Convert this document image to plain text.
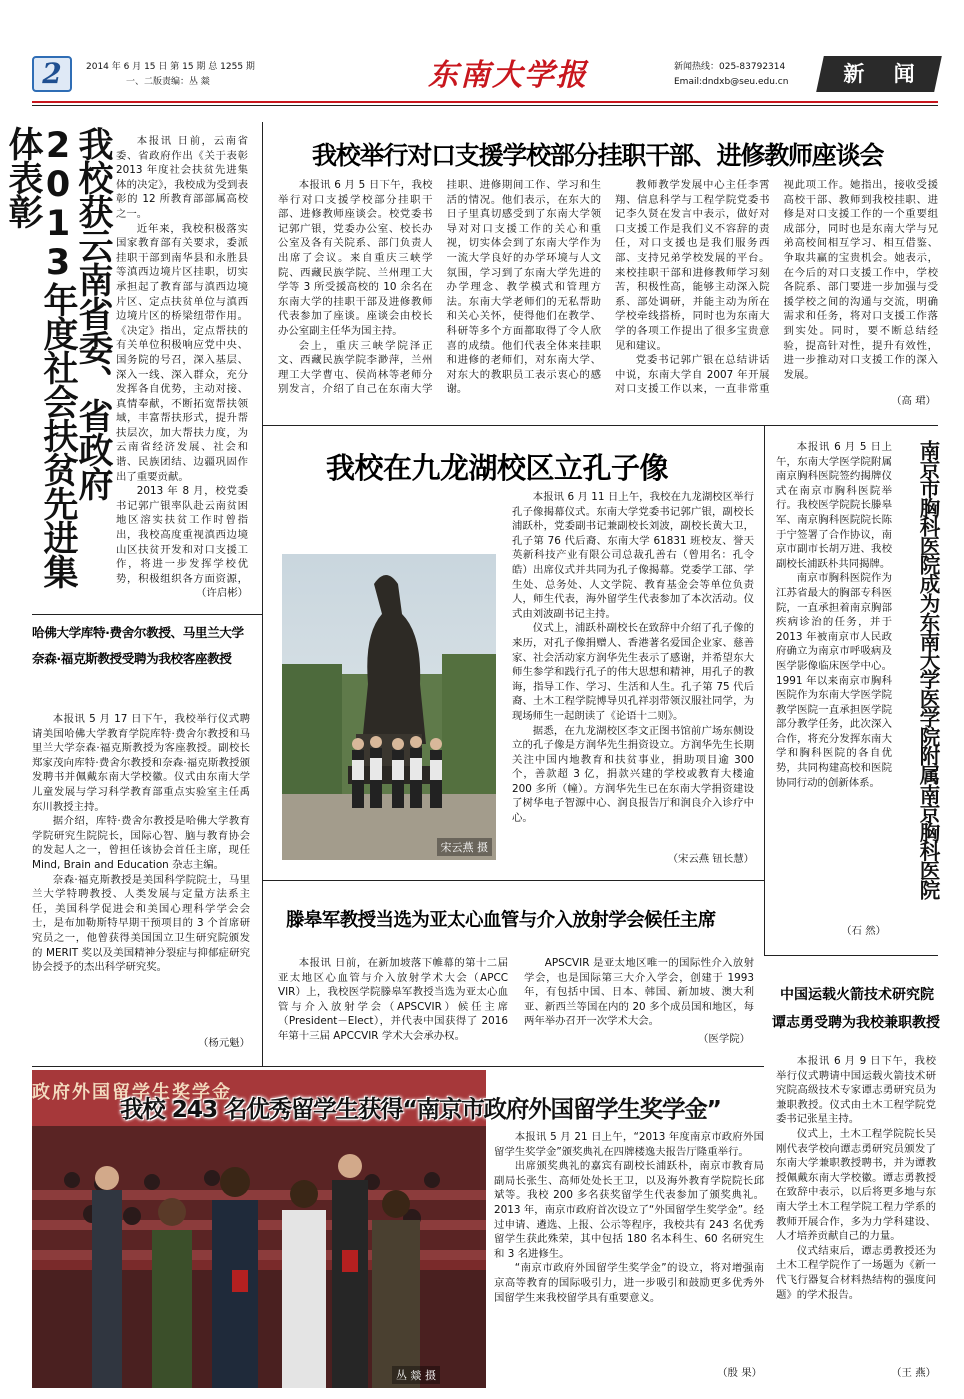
2	2014 年 6 月 15 日 第 15 期 总 1255 期
一、二版责编：丛 燚	东南大学报	新闻热线：025-83792314
Email:dndxb@seu.edu.cn	新    闻
我校获云南省委、省政府2013年度社会扶贫先进集体表彰	本报讯 日前，云南省委、省政府作出《关于表彰 2013 年度社会扶贫先进集体的决定》，我校成为受到表彰的 12 所教育部部属高校之一。

近年来，我校积极落实国家教育部有关要求，委派挂职干部到南华县和永胜县等滇西边境片区挂职，切实承担起了教育部与滇西边境片区、定点扶贫单位与滇西边境片区的桥梁纽带作用。《决定》指出，定点帮扶的有关单位积极响应党中央、国务院的号召，深入基层、深入一线、深入群众，充分发挥各自优势，主动对接、真情奉献，不断拓宽帮扶领域，丰富帮扶形式，提升帮扶层次，加大帮扶力度，为云南省经济发展、社会和谐、民族团结、边疆巩固作出了重要贡献。

2013 年 8 月，校党委书记郭广银率队赴云南贫困地区溶实扶贫工作时曾指出，我校高度重视滇西边境山区扶贫开发和对口支援工作，将进一步发挥学校优势，积极组织各方面资源，

（许启彬）
哈佛大学库特·费舍尔教授、马里兰大学
奈森·福克斯教授受聘为我校客座教授

本报讯 5 月 17 日下午，我校举行仪式聘请美国哈佛大学教育学院库特·费舍尔教授和马里兰大学奈森·福克斯教授为客座教授。副校长郑家茂向库特·费舍尔教授和奈森·福克斯教授颁发聘书并佩戴东南大学校徽。仪式由东南大学儿童发展与学习科学教育部重点实验室主任禹东川教授主持。

据介绍，库特·费舍尔教授是哈佛大学教育学院研究生院院长，国际心智、脑与教育协会的发起人之一，曾担任该协会首任主席，现任 Mind, Brain and Education 杂志主编。

奈森·福克斯教授是美国科学院院士，马里兰大学特聘教授、人类发展与定量方法系主任，美国科学促进会和美国心理科学学会会士，是布加勒斯特早期干预项目的 3 个首席研究员之一，他曾获得美国国立卫生研究院颁发的 MERIT 奖以及美国精神分裂症与抑郁症研究协会授予的杰出科学研究奖。

（杨元魁）
我校举行对口支援学校部分挂职干部、进修教师座谈会

本报讯 6 月 5 日下午，我校举行对口支援学校部分挂职干部、进修教师座谈会。校党委书记郭广银，党委办公室、校长办公室及各有关院系、部门负责人出席了会议。来自重庆三峡学院、西藏民族学院、兰州理工大学等 3 所受援高校的 10 余名在东南大学的挂职干部及进修教师代表参加了座谈。座谈会由校长办公室副主任华为国主持。

会上，重庆三峡学院泽正文、西藏民族学院李渺萍，兰州理工大学曹屯、侯尚林等老师分别发言，介绍了自己在东南大学挂职、进修期间工作、学习和生活的情况。他们表示，在东大的日子里真切感受到了东南大学领导对对口支援工作的关心和重视，切实体会到了东南大学作为一流大学良好的办学环境与人文氛围，学习到了东南大学先进的办学理念、教学模式和管理方法。东南大学老师们的无私帮助和关心关怀，使得他们在教学、科研等多个方面都取得了令人欣喜的成绩。他们代表全体来挂职和进修的老师们，对东南大学、对东大的教职员工表示衷心的感谢。

教师教学发展中心主任李霄翔、信息科学与工程学院党委书记李久贤在发言中表示，做好对口支援工作是我们义不容辞的责任，对口支援也是我们服务西部、支持兄弟学校发展的平台。来校挂职干部和进修教师学习刻苦，积极性高，能够主动深入院系、部处调研，并能主动为所在学校牵线搭桥，同时也为东南大学的各项工作提出了很多宝贵意见和建议。

党委书记郭广银在总结讲话中说，东南大学自 2007 年开展对口支援工作以来，一直非常重视此项工作。她指出，接收受援高校干部、教师到我校挂职、进修是对口支援工作的一个重要组成部分，同时也是东南大学与兄弟高校间相互学习、相互借鉴、争取共赢的宝贵机会。她表示，在今后的对口支援工作中，学校各院系、部门要进一步加强与受援学校之间的沟通与交流，明确需求和任务，将对口支援工作落到实处。同时，要不断总结经验，提高针对性，提升有效性，进一步推动对口支援工作的深入发展。

（高 珺）
我校在九龙湖校区立孔子像

本报讯 6 月 11 日上午，我校在九龙湖校区举行孔子像揭幕仪式。东南大学党委书记郭广银，副校长浦跃朴，党委副书记兼副校长刘波，副校长黄大卫，孔子第 76 代后裔、东南大学 61831 班校友、誉天英新科技产业有限公司总裁孔善右（曾用名：孔令皓）出席仪式并共同为孔子像揭幕。党委学工部、学生处、总务处、人文学院、教育基金会等单位负责人，师生代表，海外留学生代表参加了本次活动。仪式由刘波副书记主持。

仪式上，浦跃朴副校长在致辞中介绍了孔子像的来历，对孔子像捐赠人、香港著名爱国企业家、慈善家、社会活动家方润华先生表示了感谢，并希望东大师生参学和践行孔子的伟大思想和精神，用孔子的教诲，指导工作、学习、生活和人生。孔子第 75 代后裔、土木工程学院博导贝孔祥羽带领汉服社同学，为现场师生一起朗读了《论语十二则》。

据悉，在九龙湖校区李文正图书馆前广场东侧设立的孔子像是方润华先生捐资设立。方润华先生长期关注中国内地教育和扶贫事业，捐助项目逾 300 个，善款超 3 亿，捐款兴建的学校或教育大楼逾 200 多所（幢）。方润华先生已在东南大学捐资建设了树华电子智源中心、润良报告厅和润良介入诊疗中心。

（宋云燕 钮长慧）
宋云燕 摄

本报讯 6 月 5 日上午，东南大学医学院附属南京胸科医院签约揭牌仪式在南京市胸科医院举行。我校医学院院长滕皋军、南京胸科医院院长陈于宁签署了合作协议，南京市副市长胡万进、我校副校长浦跃朴共同揭牌。

南京市胸科医院作为江苏省最大的胸部专科医院，一直承担着南京胸部疾病诊治的任务，并于 2013 年被南京市人民政府确立为南京市呼吸病及医学影像临床医学中心。1991 年以来南京市胸科医院作为东南大学医学院教学医院一直承担医学院部分教学任务，此次深入合作，将充分发挥东南大学和胸科医院的各自优势，共同构建高校和医院协同行动的创新体系。	南京市胸科医院成为东南大学医学院附属南京胸科医院
（石 然）
滕皋军教授当选为亚太心血管与介入放射学会候任主席

本报讯 日前，在新加坡落下帷幕的第十二届亚太地区心血管与介入放射学术大会（APCC VIR）上，我校医学院滕皋军教授当选为亚太心血管与介入放射学会（APSCVIR）候任主席（President－Elect），并代表中国获得了 2016 年第十三届 APCCVIR 学术大会承办权。

APSCVIR 是亚太地区唯一的国际性介入放射学会，也是国际第三大介入学会，创建于 1993 年，有包括中国、日本、韩国、新加坡、澳大利亚、新西兰等国在内的 20 多个成员国和地区，每两年举办召开一次学术大会。

（医学院）
中国运载火箭技术研究院
谭志勇受聘为我校兼职教授

本报讯 6 月 9 日下午，我校举行仪式聘请中国运载火箭技术研究院高级技术专家谭志勇研究员为兼职教授。仪式由土木工程学院党委书记张星主持。

仪式上，土木工程学院院长吴刚代表学校向谭志勇研究员颁发了东南大学兼职教授聘书，并为谭教授佩戴东南大学校徽。谭志勇教授在致辞中表示，以后将更多地与东南大学土木工程学院工程力学系的教师开展合作，多为力学科建设、人才培养贡献自己的力量。

仪式结束后，谭志勇教授还为土木工程学院作了一场题为《新一代飞行器复合材料热结构的强度问题》的学术报告。

（王 燕）
政府外国留学生奖学金
丛 燚 摄
我校 243 名优秀留学生获得“南京市政府外国留学生奖学金”

本报讯 5 月 21 日上午，“2013 年度南京市政府外国留学生奖学金”颁奖典礼在四牌楼逸夫报告厅隆重举行。

出席颁奖典礼的嘉宾有副校长浦跃朴，南京市教育局副局长张生、高师处处长王卫，以及海外教育学院院长邱斌等。我校 200 多名获奖留学生代表参加了颁奖典礼。2013 年，南京市政府首次设立了“外国留学生奖学金”。经过申请、遴选、上报、公示等程序，我校共有 243 名优秀留学生获此殊荣，其中包括 180 名本科生、60 名研究生和 3 名进修生。

“南京市政府外国留学生奖学金”的设立，将对增强南京高等教育的国际吸引力，进一步吸引和鼓励更多优秀外国留学生来我校留学具有重要意义。

（殷 果）
